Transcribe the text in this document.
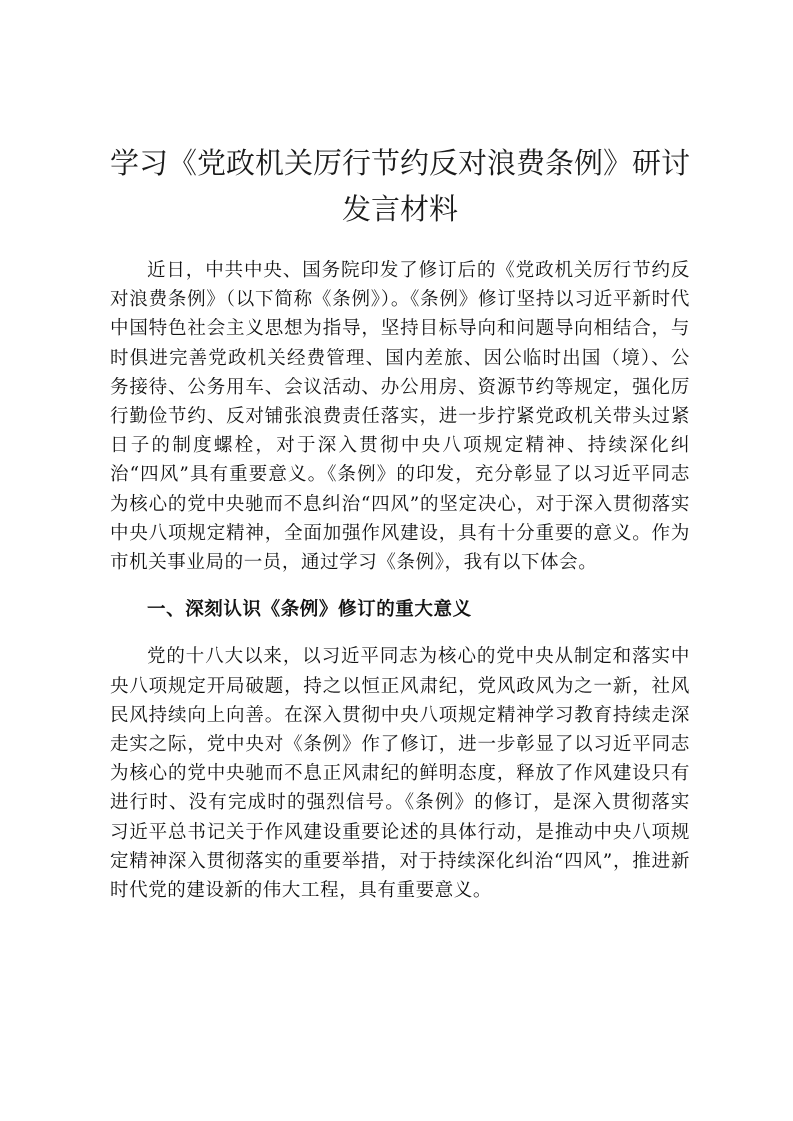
学习《党政机关厉行节约反对浪费条例》研讨发言材料

近日，中共中央、国务院印发了修订后的《党政机关厉行节约反对浪费条例》（以下简称《条例》）。《条例》修订坚持以习近平新时代中国特色社会主义思想为指导，坚持目标导向和问题导向相结合，与时俱进完善党政机关经费管理、国内差旅、因公临时出国（境）、公务接待、公务用车、会议活动、办公用房、资源节约等规定，强化厉行勤俭节约、反对铺张浪费责任落实，进一步拧紧党政机关带头过紧日子的制度螺栓，对于深入贯彻中央八项规定精神、持续深化纠治“四风”具有重要意义。《条例》的印发，充分彰显了以习近平同志为核心的党中央驰而不息纠治“四风”的坚定决心，对于深入贯彻落实中央八项规定精神，全面加强作风建设，具有十分重要的意义。作为市机关事业局的一员，通过学习《条例》，我有以下体会。

一、深刻认识《条例》修订的重大意义

党的十八大以来，以习近平同志为核心的党中央从制定和落实中央八项规定开局破题，持之以恒正风肃纪，党风政风为之一新，社风民风持续向上向善。在深入贯彻中央八项规定精神学习教育持续走深走实之际，党中央对《条例》作了修订，进一步彰显了以习近平同志为核心的党中央驰而不息正风肃纪的鲜明态度，释放了作风建设只有进行时、没有完成时的强烈信号。《条例》的修订，是深入贯彻落实习近平总书记关于作风建设重要论述的具体行动，是推动中央八项规定精神深入贯彻落实的重要举措，对于持续深化纠治“四风”，推进新时代党的建设新的伟大工程，具有重要意义。
